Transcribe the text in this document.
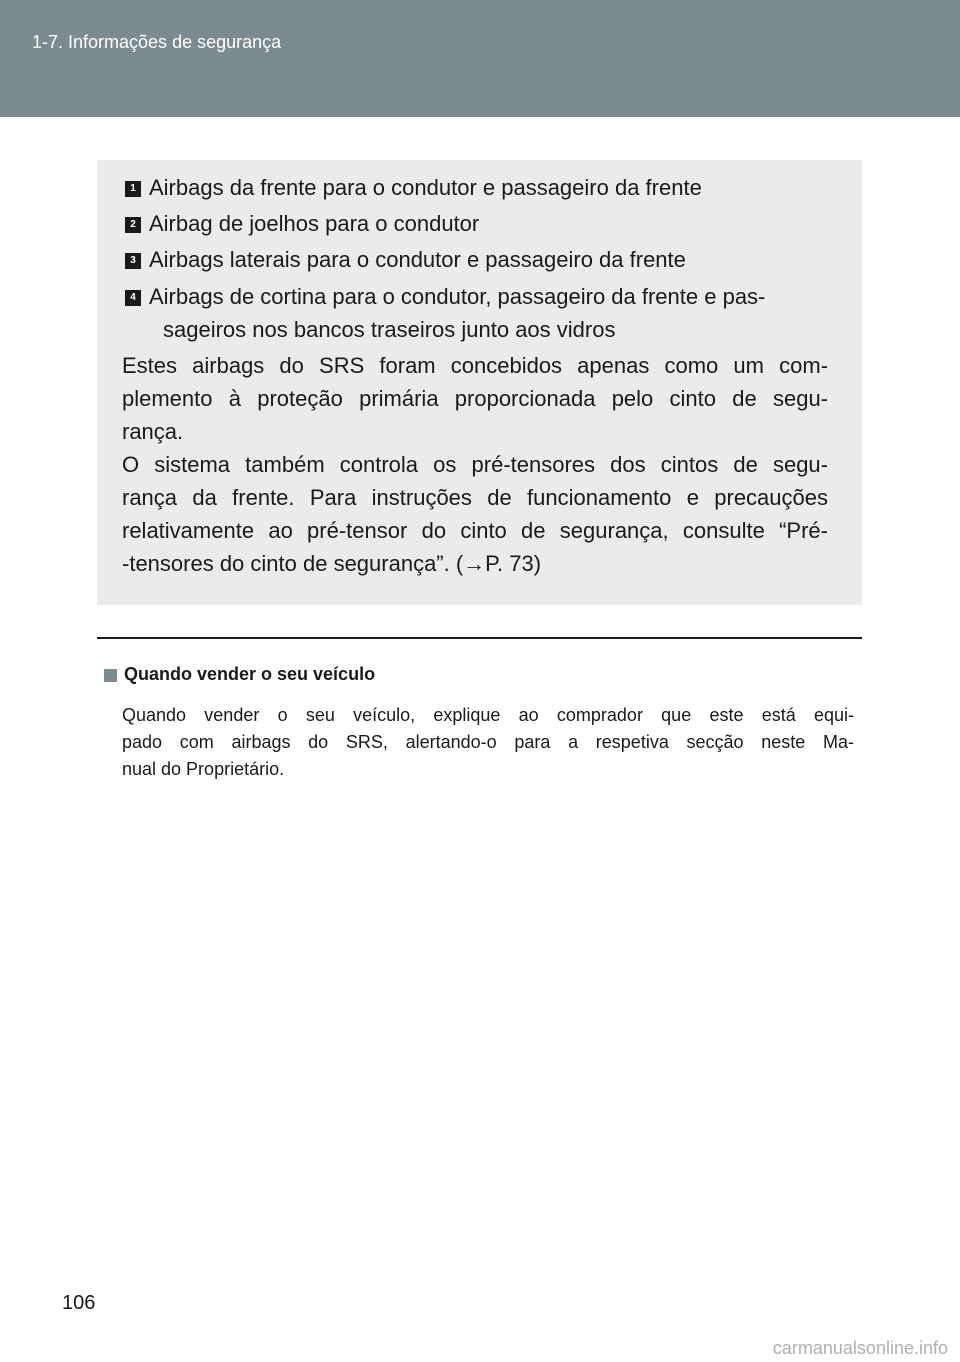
1-7. Informações de segurança
1 Airbags da frente para o condutor e passageiro da frente
2 Airbag de joelhos para o condutor
3 Airbags laterais para o condutor e passageiro da frente
4 Airbags de cortina para o condutor, passageiro da frente e pas-
sageiros nos bancos traseiros junto aos vidros
Estes airbags do SRS foram concebidos apenas como um com-
plemento à proteção primária proporcionada pelo cinto de segu-
rança.
O sistema também controla os pré-tensores dos cintos de segu-
rança da frente. Para instruções de funcionamento e precauções
relativamente ao pré-tensor do cinto de segurança, consulte “Pré-
-tensores do cinto de segurança”. (→P. 73)
Quando vender o seu veículo
Quando vender o seu veículo, explique ao comprador que este está equi-
pado com airbags do SRS, alertando-o para a respetiva secção neste Ma-
nual do Proprietário.
106
carmanualsonline.info
